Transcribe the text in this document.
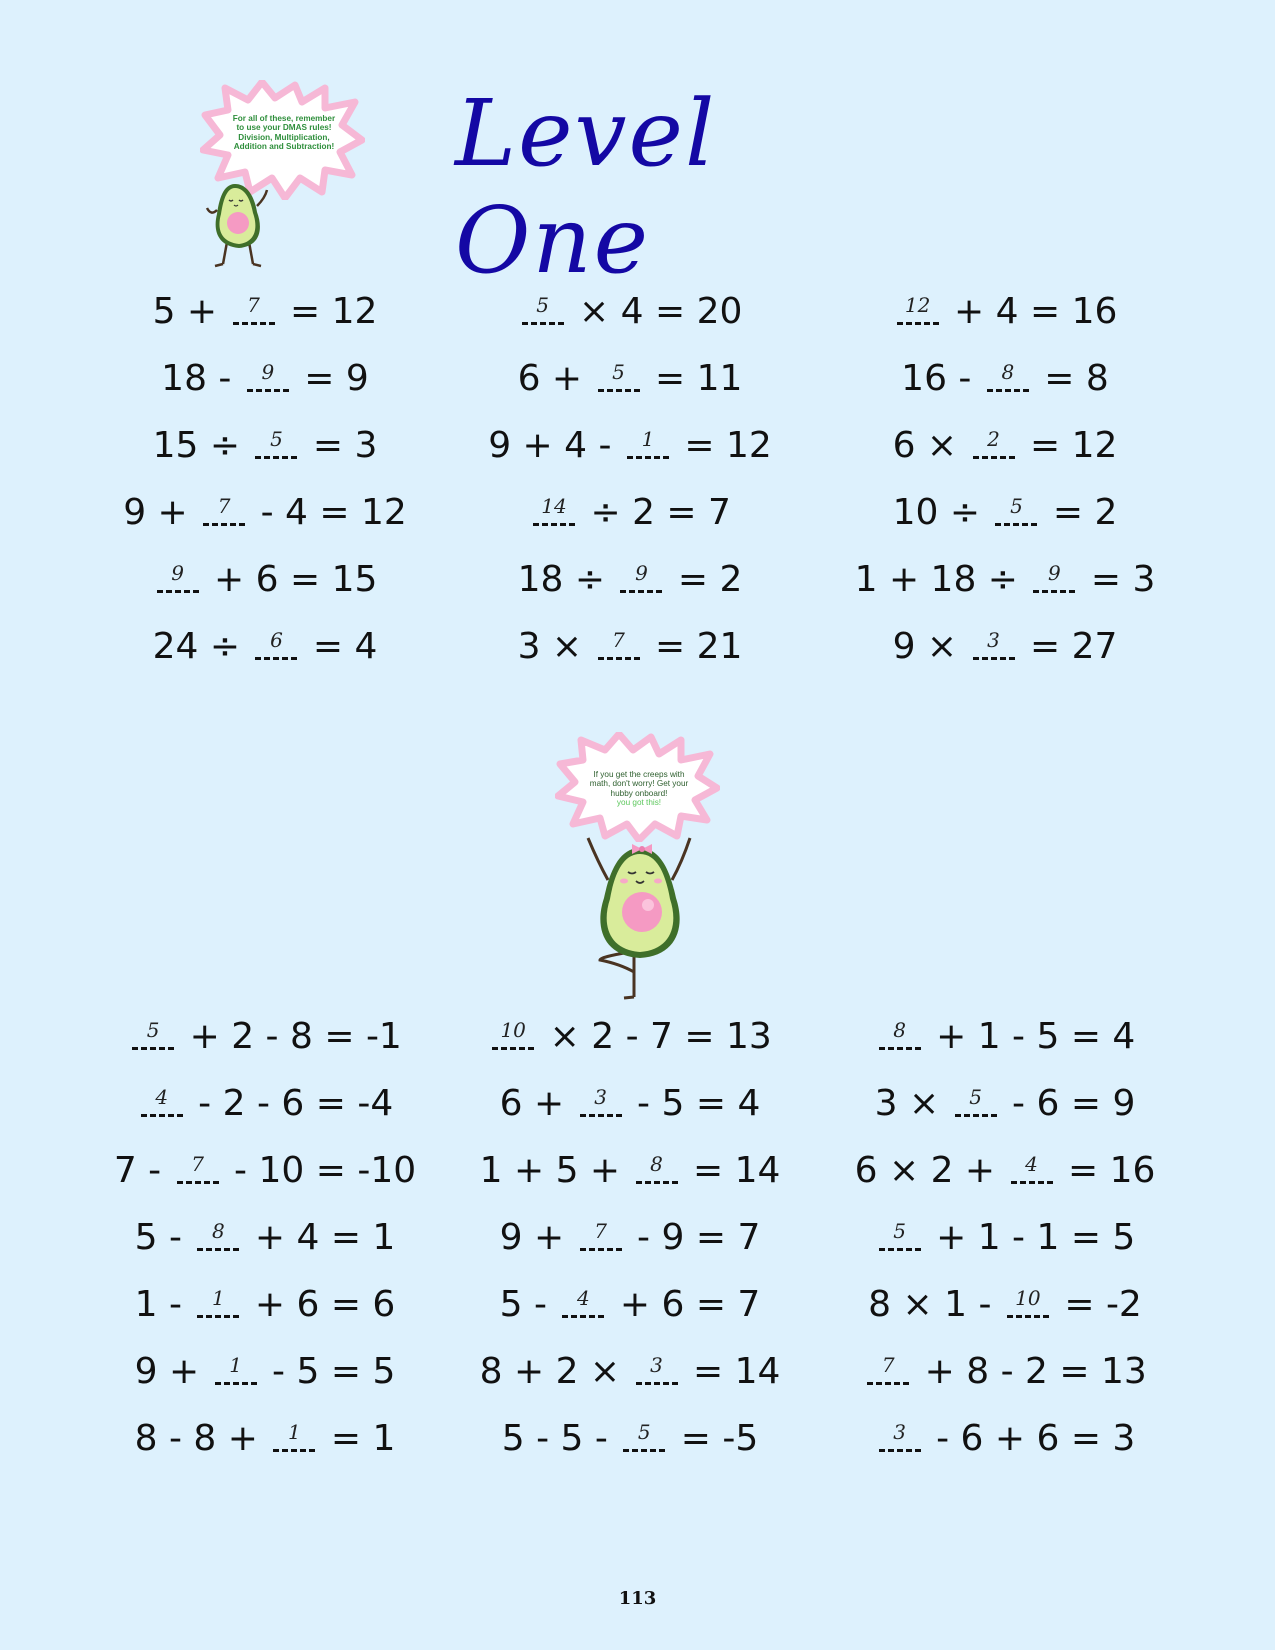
Level One
For all of these, remember
to use your DMAS rules!
Division, Multiplication,
Addition and Subtraction!
5 + 7 = 12
18 - 9 = 9
15 ÷ 5 = 3
9 + 7 - 4 = 12
9 + 6 = 15
24 ÷ 6 = 4
5 × 4 = 20
6 + 5 = 11
9 + 4 - 1 = 12
14 ÷ 2 = 7
18 ÷ 9 = 2
3 × 7 = 21
12 + 4 = 16
16 - 8 = 8
6 × 2 = 12
10 ÷ 5 = 2
1 + 18 ÷ 9 = 3
9 × 3 = 27
If you get the creeps with
math, don't worry! Get your
hubby onboard!
you got this!
5 + 2 - 8 = -1
4 - 2 - 6 = -4
7 - 7 - 10 = -10
5 - 8 + 4 = 1
1 - 1 + 6 = 6
9 + 1 - 5 = 5
8 - 8 + 1 = 1
10 × 2 - 7 = 13
6 + 3 - 5 = 4
1 + 5 + 8 = 14
9 + 7 - 9 = 7
5 - 4 + 6 = 7
8 + 2 × 3 = 14
5 - 5 - 5 = -5
8 + 1 - 5 = 4
3 × 5 - 6 = 9
6 × 2 + 4 = 16
5 + 1 - 1 = 5
8 × 1 - 10 = -2
7 + 8 - 2 = 13
3 - 6 + 6 = 3
113
